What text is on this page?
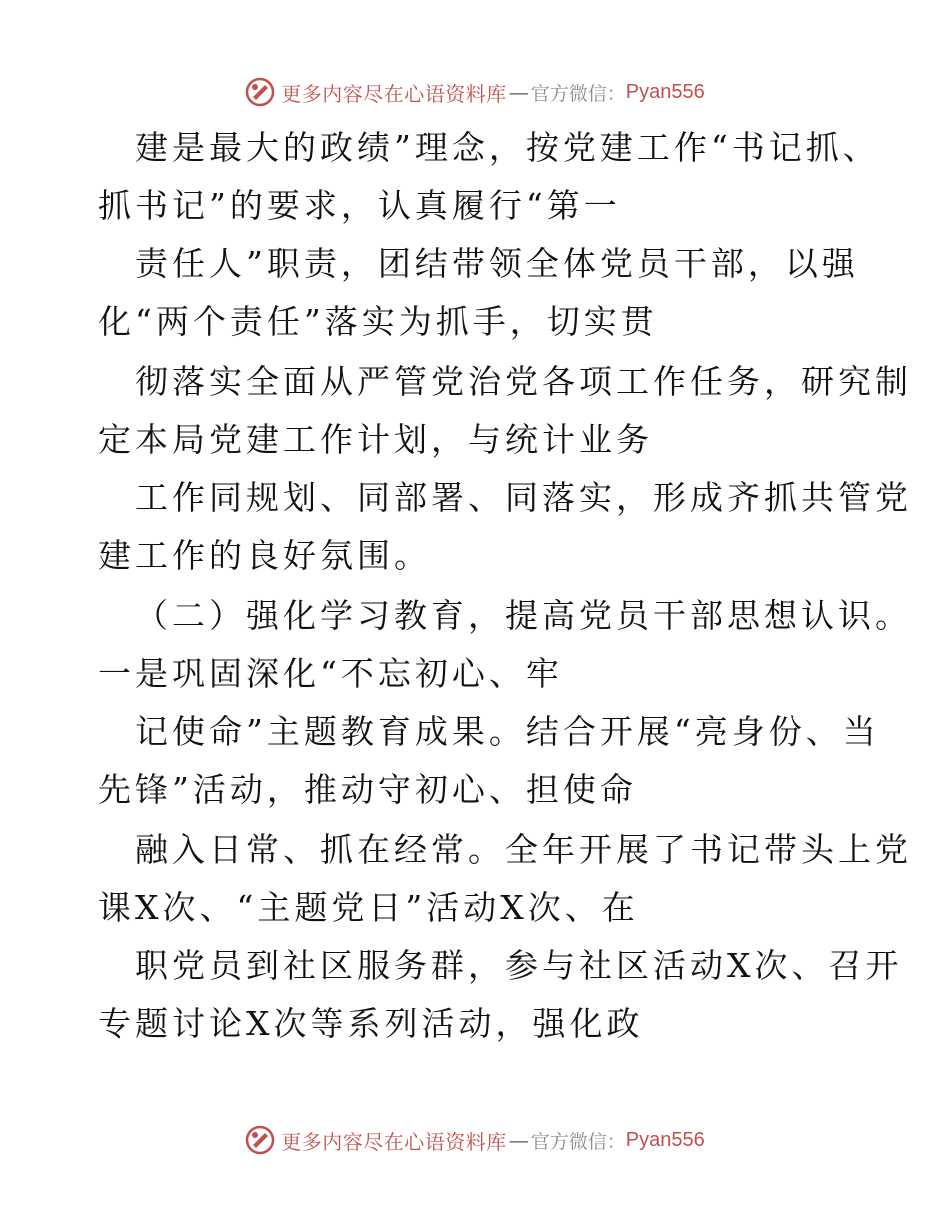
更多内容尽在心语资料库 — 官方微信： Pyan556
建是最大的政绩”理念，按党建工作“书记抓、
抓书记”的要求，认真履行“第一
责任人”职责，团结带领全体党员干部，以强
化“两个责任”落实为抓手，切实贯
彻落实全面从严管党治党各项工作任务，研究制
定本局党建工作计划，与统计业务
工作同规划、同部署、同落实，形成齐抓共管党
建工作的良好氛围。
（二）强化学习教育，提高党员干部思想认识。
一是巩固深化“不忘初心、牢
记使命”主题教育成果。结合开展“亮身份、当
先锋”活动，推动守初心、担使命
融入日常、抓在经常。全年开展了书记带头上党
课X次、“主题党日”活动X次、在
职党员到社区服务群，参与社区活动X次、召开
专题讨论X次等系列活动，强化政
更多内容尽在心语资料库 — 官方微信： Pyan556
